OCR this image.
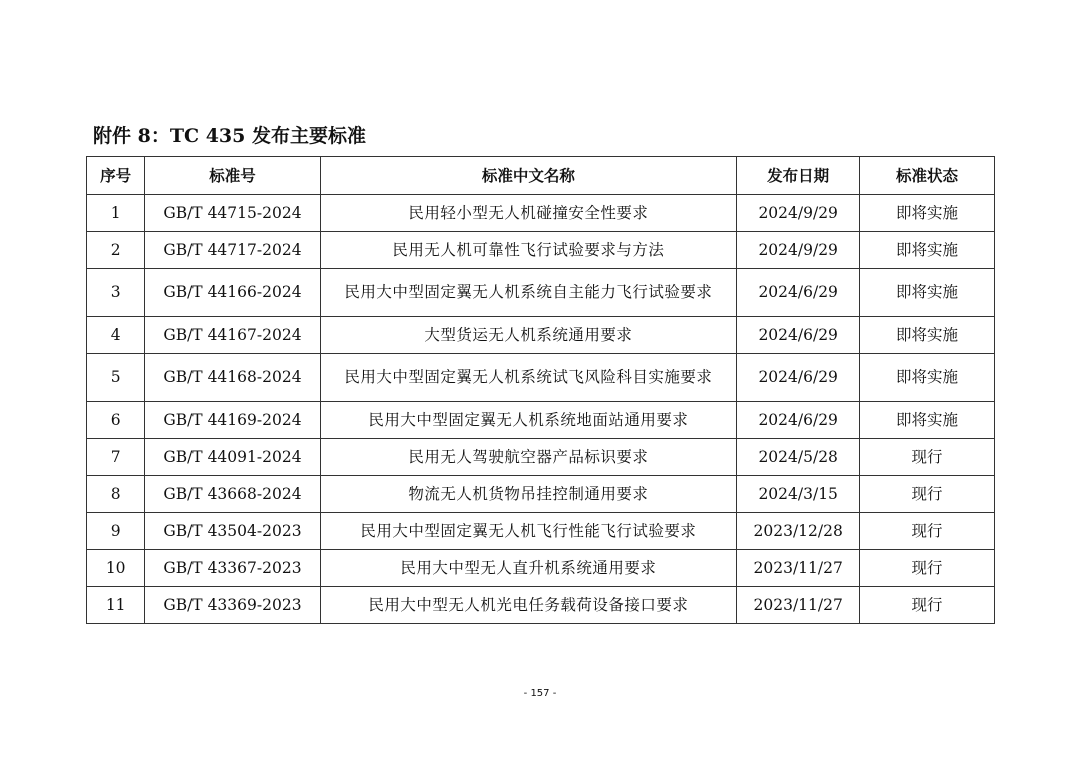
附件 8：TC 435 发布主要标准
序号	标准号	标准中文名称	发布日期	标准状态
1	GB/T 44715-2024	民用轻小型无人机碰撞安全性要求	2024/9/29	即将实施
2	GB/T 44717-2024	民用无人机可靠性飞行试验要求与方法	2024/9/29	即将实施
3	GB/T 44166-2024	民用大中型固定翼无人机系统自主能力飞行试验要求	2024/6/29	即将实施
4	GB/T 44167-2024	大型货运无人机系统通用要求	2024/6/29	即将实施
5	GB/T 44168-2024	民用大中型固定翼无人机系统试飞风险科目实施要求	2024/6/29	即将实施
6	GB/T 44169-2024	民用大中型固定翼无人机系统地面站通用要求	2024/6/29	即将实施
7	GB/T 44091-2024	民用无人驾驶航空器产品标识要求	2024/5/28	现行
8	GB/T 43668-2024	物流无人机货物吊挂控制通用要求	2024/3/15	现行
9	GB/T 43504-2023	民用大中型固定翼无人机飞行性能飞行试验要求	2023/12/28	现行
10	GB/T 43367-2023	民用大中型无人直升机系统通用要求	2023/11/27	现行
11	GB/T 43369-2023	民用大中型无人机光电任务载荷设备接口要求	2023/11/27	现行
- 157 -
